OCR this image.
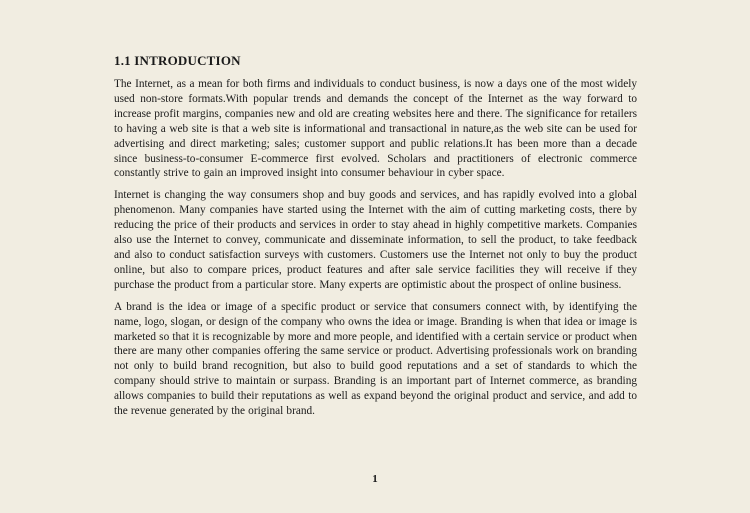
1.1 INTRODUCTION

The Internet, as a mean for both firms and individuals to conduct business, is now a days one of the most widely used non-store formats.With popular trends and demands the concept of the Internet as the way forward to increase profit margins, companies new and old are creating websites here and there. The significance for retailers to having a web site is that a web site is informational and transactional in nature,as the web site can be used for advertising and direct marketing; sales; customer support and public relations.It has been more than a decade since business-to-consumer E-commerce first evolved. Scholars and practitioners of electronic commerce constantly strive to gain an improved insight into consumer behaviour in cyber space.

Internet is changing the way consumers shop and buy goods and services, and has rapidly evolved into a global phenomenon. Many companies have started using the Internet with the aim of cutting marketing costs, there by reducing the price of their products and services in order to stay ahead in highly competitive markets. Companies also use the Internet to convey, communicate and disseminate information, to sell the product, to take feedback and also to conduct satisfaction surveys with customers. Customers use the Internet not only to buy the product online, but also to compare prices, product features and after sale service facilities they will receive if they purchase the product from a particular store. Many experts are optimistic about the prospect of online business.

A brand is the idea or image of a specific product or service that consumers connect with, by identifying the name, logo, slogan, or design of the company who owns the idea or image. Branding is when that idea or image is marketed so that it is recognizable by more and more people, and identified with a certain service or product when there are many other companies offering the same service or product. Advertising professionals work on branding not only to build brand recognition, but also to build good reputations and a set of standards to which the company should strive to maintain or surpass. Branding is an important part of Internet commerce, as branding allows companies to build their reputations as well as expand beyond the original product and service, and add to the revenue generated by the original brand.

1
